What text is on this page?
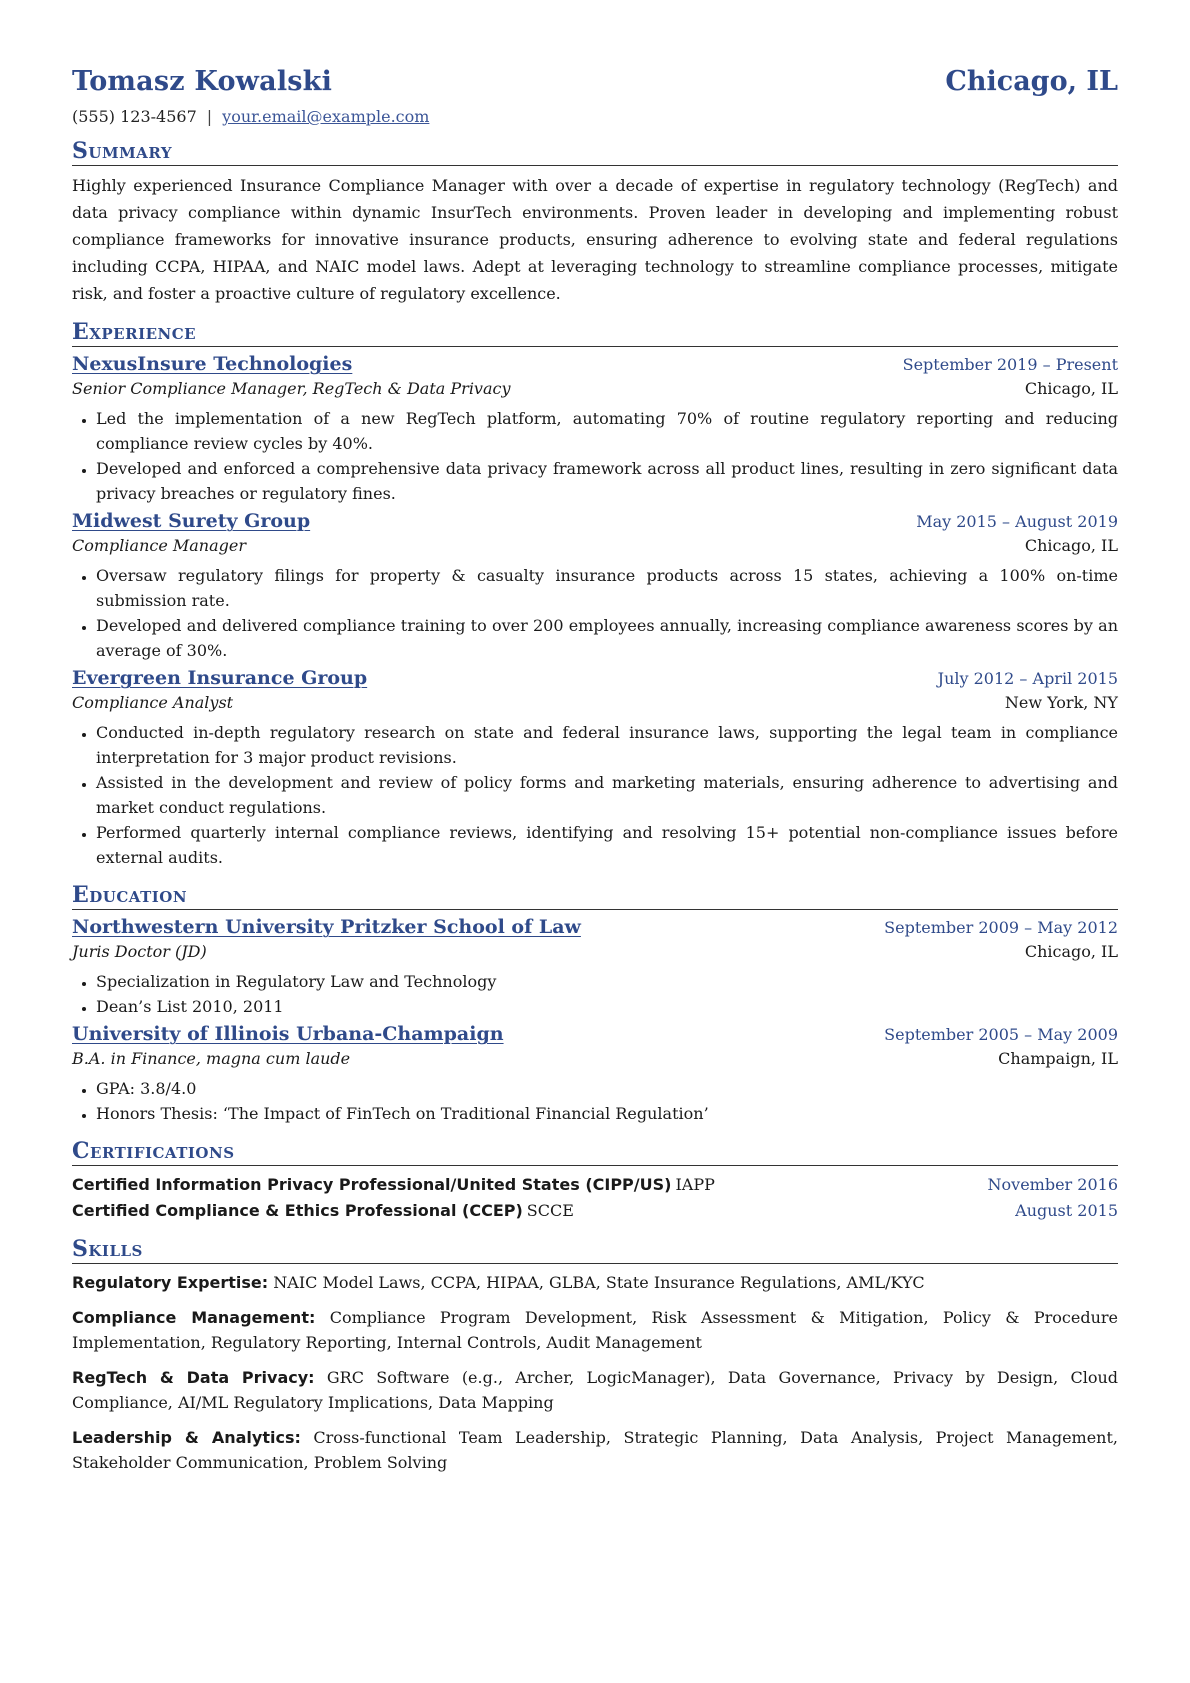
Tomasz Kowalski	Chicago, IL
(555) 123-4567 | your.email@example.com
Summary

Highly experienced Insurance Compliance Manager with over a decade of expertise in regulatory technology (RegTech) and data privacy compliance within dynamic InsurTech environments. Proven leader in developing and implementing robust compliance frameworks for innovative insurance products, ensuring adherence to evolving state and federal regulations including CCPA, HIPAA, and NAIC model laws. Adept at leveraging technology to streamline compliance processes, mitigate risk, and foster a proactive culture of regulatory excellence.

Experience
NexusInsure Technologies	September 2019 – Present
Senior Compliance Manager, RegTech & Data Privacy	Chicago, IL
• Led the implementation of a new RegTech platform, automating 70% of routine regulatory reporting and reducing compliance review cycles by 40%.
• Developed and enforced a comprehensive data privacy framework across all product lines, resulting in zero significant data privacy breaches or regulatory fines.
Midwest Surety Group	May 2015 – August 2019
Compliance Manager	Chicago, IL
• Oversaw regulatory filings for property & casualty insurance products across 15 states, achieving a 100% on-time submission rate.
• Developed and delivered compliance training to over 200 employees annually, increasing compliance awareness scores by an average of 30%.
Evergreen Insurance Group	July 2012 – April 2015
Compliance Analyst	New York, NY
• Conducted in-depth regulatory research on state and federal insurance laws, supporting the legal team in compliance interpretation for 3 major product revisions.
• Assisted in the development and review of policy forms and marketing materials, ensuring adherence to advertising and market conduct regulations.
• Performed quarterly internal compliance reviews, identifying and resolving 15+ potential non-compliance issues before external audits.
Education
Northwestern University Pritzker School of Law	September 2009 – May 2012
Juris Doctor (JD)	Chicago, IL
• Specialization in Regulatory Law and Technology
• Dean’s List 2010, 2011
University of Illinois Urbana-Champaign	September 2005 – May 2009
B.A. in Finance, magna cum laude	Champaign, IL
• GPA: 3.8/4.0
• Honors Thesis: ‘The Impact of FinTech on Traditional Financial Regulation’
Certifications
Certified Information Privacy Professional/United States (CIPP/US) IAPP	November 2016
Certified Compliance & Ethics Professional (CCEP) SCCE	August 2015
Skills
Regulatory Expertise: NAIC Model Laws, CCPA, HIPAA, GLBA, State Insurance Regulations, AML/KYC
Compliance Management: Compliance Program Development, Risk Assessment & Mitigation, Policy & Procedure Implementation, Regulatory Reporting, Internal Controls, Audit Management
RegTech & Data Privacy: GRC Software (e.g., Archer, LogicManager), Data Governance, Privacy by Design, Cloud Compliance, AI/ML Regulatory Implications, Data Mapping
Leadership & Analytics: Cross-functional Team Leadership, Strategic Planning, Data Analysis, Project Management, Stakeholder Communication, Problem Solving
